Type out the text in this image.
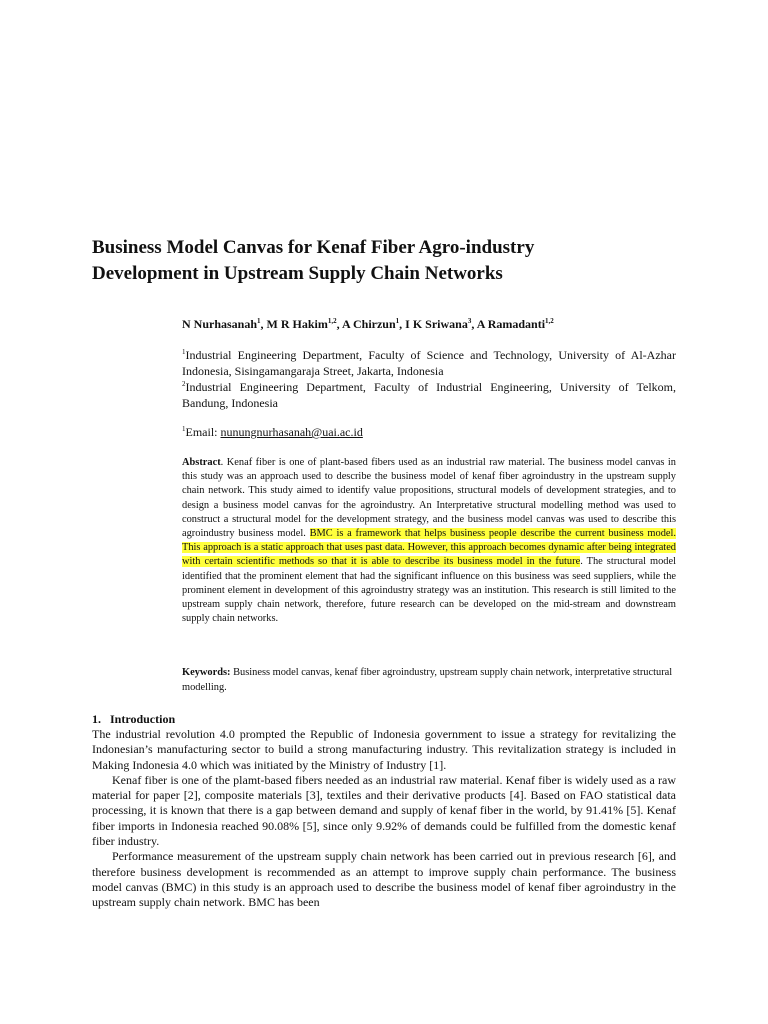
Business Model Canvas for Kenaf Fiber Agro-industry
Development in Upstream Supply Chain Networks
N Nurhasanah$^1$, M R Hakim$^{1,2}$, A Chirzun$^1$, I K Sriwana$^3$, A Ramadanti$^{1,2}$

$^1$Industrial Engineering Department, Faculty of Science and Technology, University of Al-Azhar Indonesia, Sisingamangaraja Street, Jakarta, Indonesia

$^2$Industrial Engineering Department, Faculty of Industrial Engineering, University of Telkom, Bandung, Indonesia

$^1$Email: nunungnurhasanah@uai.ac.id

Abstract. Kenaf fiber is one of plant-based fibers used as an industrial raw material. The business model canvas in this study was an approach used to describe the business model of kenaf fiber agroindustry in the upstream supply chain network. This study aimed to identify value propositions, structural models of development strategies, and to design a business model canvas for the agroindustry. An Interpretative structural modelling method was used to construct a structural model for the development strategy, and the business model canvas was used to describe this agroindustry business model. BMC is a framework that helps business people describe the current business model. This approach is a static approach that uses past data. However, this approach becomes dynamic after being integrated with certain scientific methods so that it is able to describe its business model in the future. The structural model identified that the prominent element that had the significant influence on this business was seed suppliers, while the prominent element in development of this agroindustry strategy was an institution. This research is still limited to the upstream supply chain network, therefore, future research can be developed on the mid-stream and downstream supply chain networks.

Keywords: Business model canvas, kenaf fiber agroindustry, upstream supply chain network, interpretative structural modelling.

1. Introduction

The industrial revolution 4.0 prompted the Republic of Indonesia government to issue a strategy for revitalizing the Indonesian’s manufacturing sector to build a strong manufacturing industry. This revitalization strategy is included in Making Indonesia 4.0 which was initiated by the Ministry of Industry [1].

Kenaf fiber is one of the plamt-based fibers needed as an industrial raw material. Kenaf fiber is widely used as a raw material for paper [2], composite materials [3], textiles and their derivative products [4]. Based on FAO statistical data processing, it is known that there is a gap between demand and supply of kenaf fiber in the world, by 91.41% [5]. Kenaf fiber imports in Indonesia reached 90.08% [5], since only 9.92% of demands could be fulfilled from the domestic kenaf fiber industry.

Performance measurement of the upstream supply chain network has been carried out in previous research [6], and therefore business development is recommended as an attempt to improve supply chain performance. The business model canvas (BMC) in this study is an approach used to describe the business model of kenaf fiber agroindustry in the upstream supply chain network. BMC has been
